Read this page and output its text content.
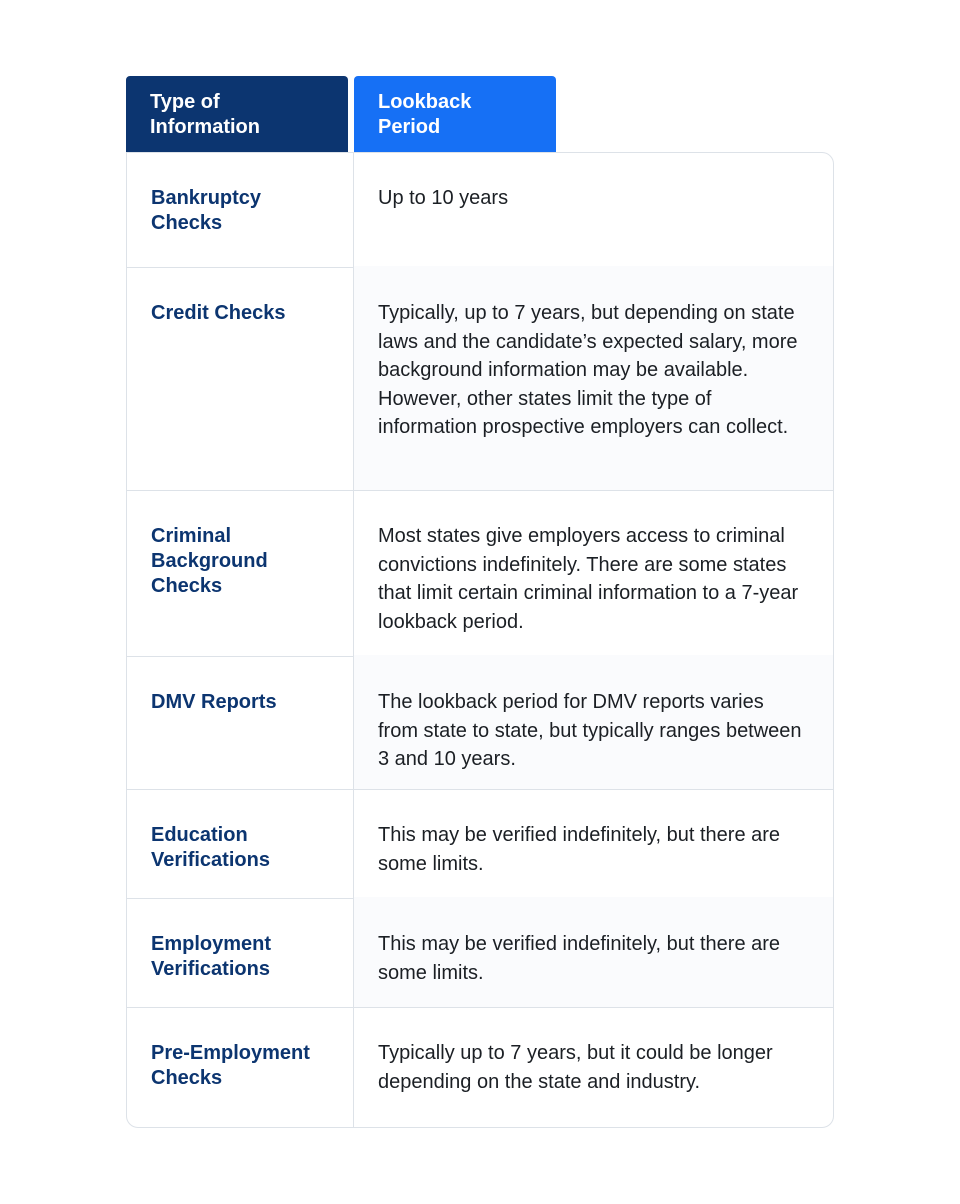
Type of Information
Lookback Period
Bankruptcy Checks
Up to 10 years
Credit Checks	Typically, up to 7 years, but depending on state laws and the candidate’s expected salary, more background information may be available. However, other states limit the type of information prospective employers can collect.
Criminal Background Checks
Most states give employers access to criminal convictions indefinitely. There are some states that limit certain criminal information to a 7-year lookback period.
DMV Reports	The lookback period for DMV reports varies from state to state, but typically ranges between 3 and 10 years.
Education Verifications
This may be verified indefinitely, but there are some limits.
Employment Verifications
This may be verified indefinitely, but there are some limits.
Pre-Employment Checks
Typically up to 7 years, but it could be longer depending on the state and industry.
